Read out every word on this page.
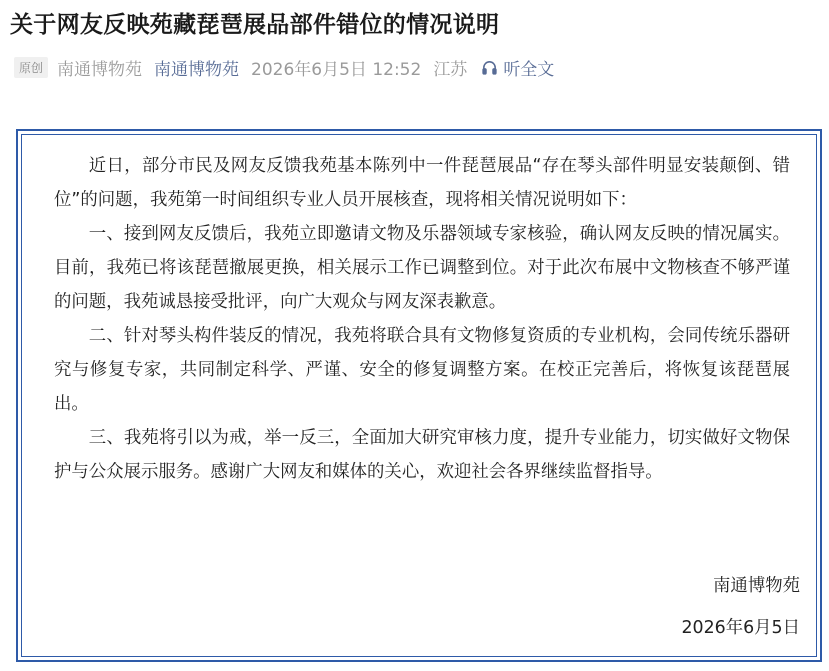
关于网友反映苑藏琵琶展品部件错位的情况说明
原创 南通博物苑 南通博物苑 2026年6月5日 12:52 江苏 听全文

近日，部分市民及网友反馈我苑基本陈列中一件琵琶展品“存在琴头部件明显安装颠倒、错位”的问题，我苑第一时间组织专业人员开展核查，现将相关情况说明如下：

一、接到网友反馈后，我苑立即邀请文物及乐器领域专家核验，确认网友反映的情况属实。目前，我苑已将该琵琶撤展更换，相关展示工作已调整到位。对于此次布展中文物核查不够严谨的问题，我苑诚恳接受批评，向广大观众与网友深表歉意。

二、针对琴头构件装反的情况，我苑将联合具有文物修复资质的专业机构，会同传统乐器研究与修复专家，共同制定科学、严谨、安全的修复调整方案。在校正完善后，将恢复该琵琶展出。

三、我苑将引以为戒，举一反三，全面加大研究审核力度，提升专业能力，切实做好文物保护与公众展示服务。感谢广大网友和媒体的关心，欢迎社会各界继续监督指导。

南通博物苑
2026年6月5日
